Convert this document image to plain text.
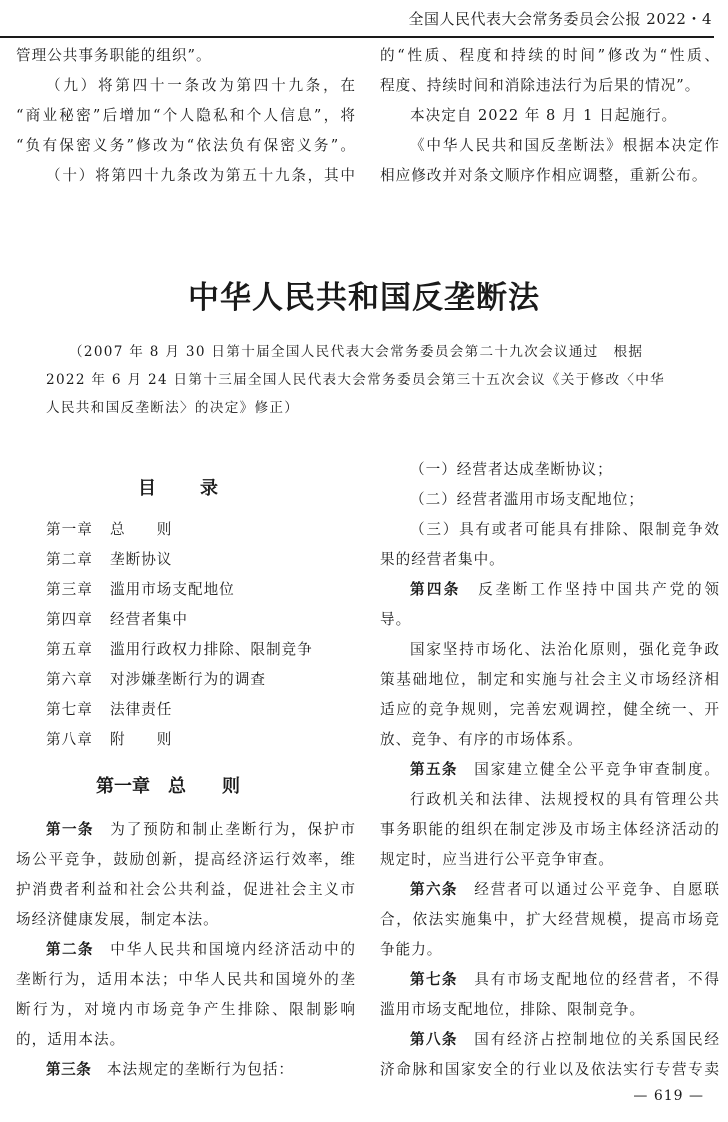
全国人民代表大会常务委员会公报 2022・4
管理公共事务职能的组织”。
（九）将第四十一条改为第四十九条，在
“商业秘密”后增加“个人隐私和个人信息”，将
“负有保密义务”修改为“依法负有保密义务”。
（十）将第四十九条改为第五十九条，其中
的“性质、程度和持续的时间”修改为“性质、
程度、持续时间和消除违法行为后果的情况”。
本决定自 2022 年 8 月 1 日起施行。
《中华人民共和国反垄断法》根据本决定作
相应修改并对条文顺序作相应调整，重新公布。
中华人民共和国反垄断法
　　（2007 年 8 月 30 日第十届全国人民代表大会常务委员会第二十九次会议通过　根据
2022 年 6 月 24 日第十三届全国人民代表大会常务委员会第三十五次会议《关于修改〈中华
人民共和国反垄断法〉的决定》修正）
目 录
第一章 总　　则
第二章 垄断协议
第三章 滥用市场支配地位
第四章 经营者集中
第五章 滥用行政权力排除、限制竞争
第六章 对涉嫌垄断行为的调查
第七章 法律责任
第八章 附　　则
第一章　总　　则
第一条　为了预防和制止垄断行为，保护市
场公平竞争，鼓励创新，提高经济运行效率，维
护消费者利益和社会公共利益，促进社会主义市
场经济健康发展，制定本法。
第二条　中华人民共和国境内经济活动中的
垄断行为，适用本法；中华人民共和国境外的垄
断行为，对境内市场竞争产生排除、限制影响
的，适用本法。
第三条　本法规定的垄断行为包括：
（一）经营者达成垄断协议；
（二）经营者滥用市场支配地位；
（三）具有或者可能具有排除、限制竞争效
果的经营者集中。
第四条　反垄断工作坚持中国共产党的领
导。
国家坚持市场化、法治化原则，强化竞争政
策基础地位，制定和实施与社会主义市场经济相
适应的竞争规则，完善宏观调控，健全统一、开
放、竞争、有序的市场体系。
第五条　国家建立健全公平竞争审查制度。
行政机关和法律、法规授权的具有管理公共
事务职能的组织在制定涉及市场主体经济活动的
规定时，应当进行公平竞争审查。
第六条　经营者可以通过公平竞争、自愿联
合，依法实施集中，扩大经营规模，提高市场竞
争能力。
第七条　具有市场支配地位的经营者，不得
滥用市场支配地位，排除、限制竞争。
第八条　国有经济占控制地位的关系国民经
济命脉和国家安全的行业以及依法实行专营专卖
— 619 —
